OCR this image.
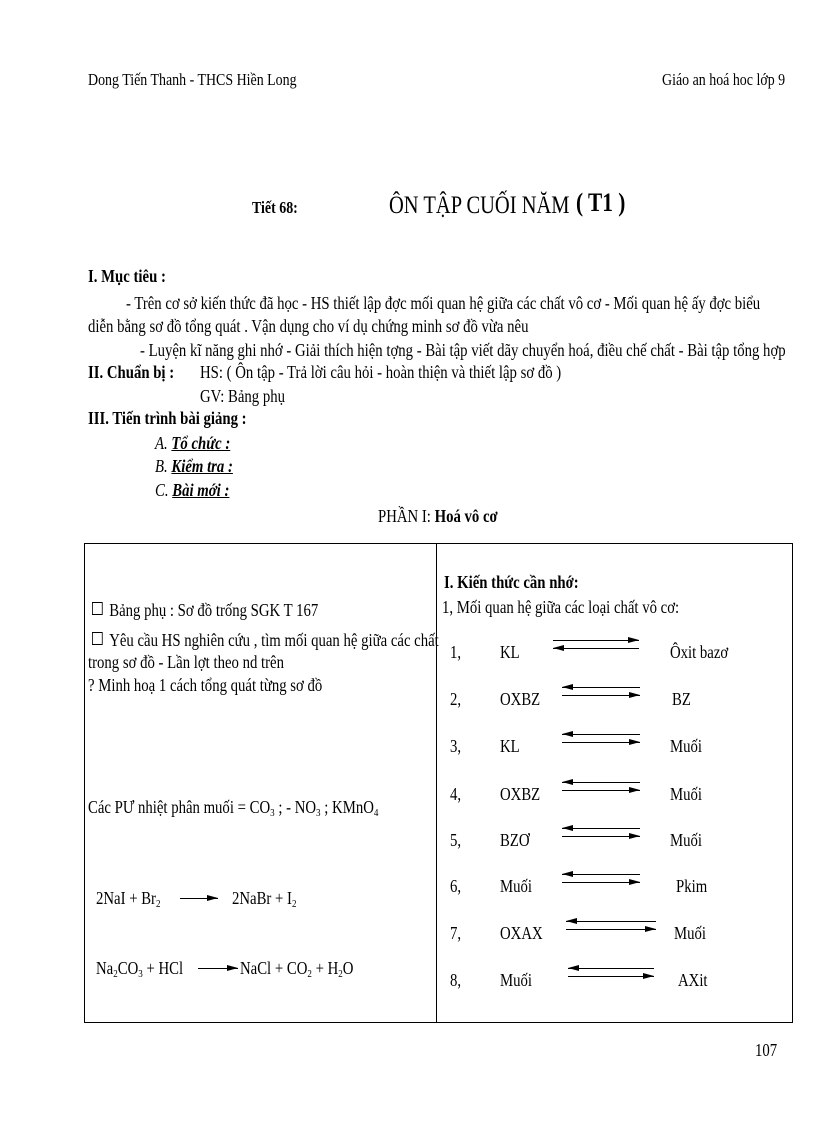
Dong Tiến Thanh - THCS Hiền Long	Giáo an hoá hoc lớp 9
Tiết 68:	ÔN TẬP CUỐI NĂM ( T1 )
I. Mục tiêu :
- Trên cơ sở kiến thức đã học - HS thiết lập đợc mối quan hệ giữa các chất vô cơ - Mối quan hệ ấy đợc biểu
diễn bằng sơ đồ tổng quát . Vận dụng cho ví dụ chứng minh sơ đồ vừa nêu
- Luyện kĩ năng ghi nhớ - Giải thích hiện tợng - Bài tập viết dãy chuyển hoá, điều chế chất - Bài tập tổng hợp
II. Chuẩn bị :	HS: ( Ôn tập - Trả lời câu hỏi - hoàn thiện và thiết lập sơ đồ )
GV: Bảng phụ
III. Tiến trình bài giảng :
A. Tổ chức :
B. Kiểm tra :
C. Bài mới :
PHẦN I: Hoá vô cơ
Bảng phụ : Sơ đồ trống SGK T 167
Yêu cầu HS nghiên cứu , tìm mối quan hệ giữa các chất
trong sơ đồ - Lần lợt theo nd trên
? Minh hoạ 1 cách tổng quát từng sơ đồ
Các PƯ nhiệt phân muối = $CO_3$ ; - $NO_3$ ; KMnO$_4$
$2NaI + Br_2$	2NaBr + $I_2$
$Na_2CO_3$ + HCl	NaCl + $CO_2 + H_2O$
I. Kiến thức cần nhớ:
1, Mối quan hệ giữa các loại chất vô cơ:
1, KL	Ôxit bazơ
2, OXBZ	BZ
3, KL	Muối
4, OXBZ	Muối
5, BZƠ	Muối
6, Muối	Pkim
7, OXAX	Muối
8, Muối	AXit
107
